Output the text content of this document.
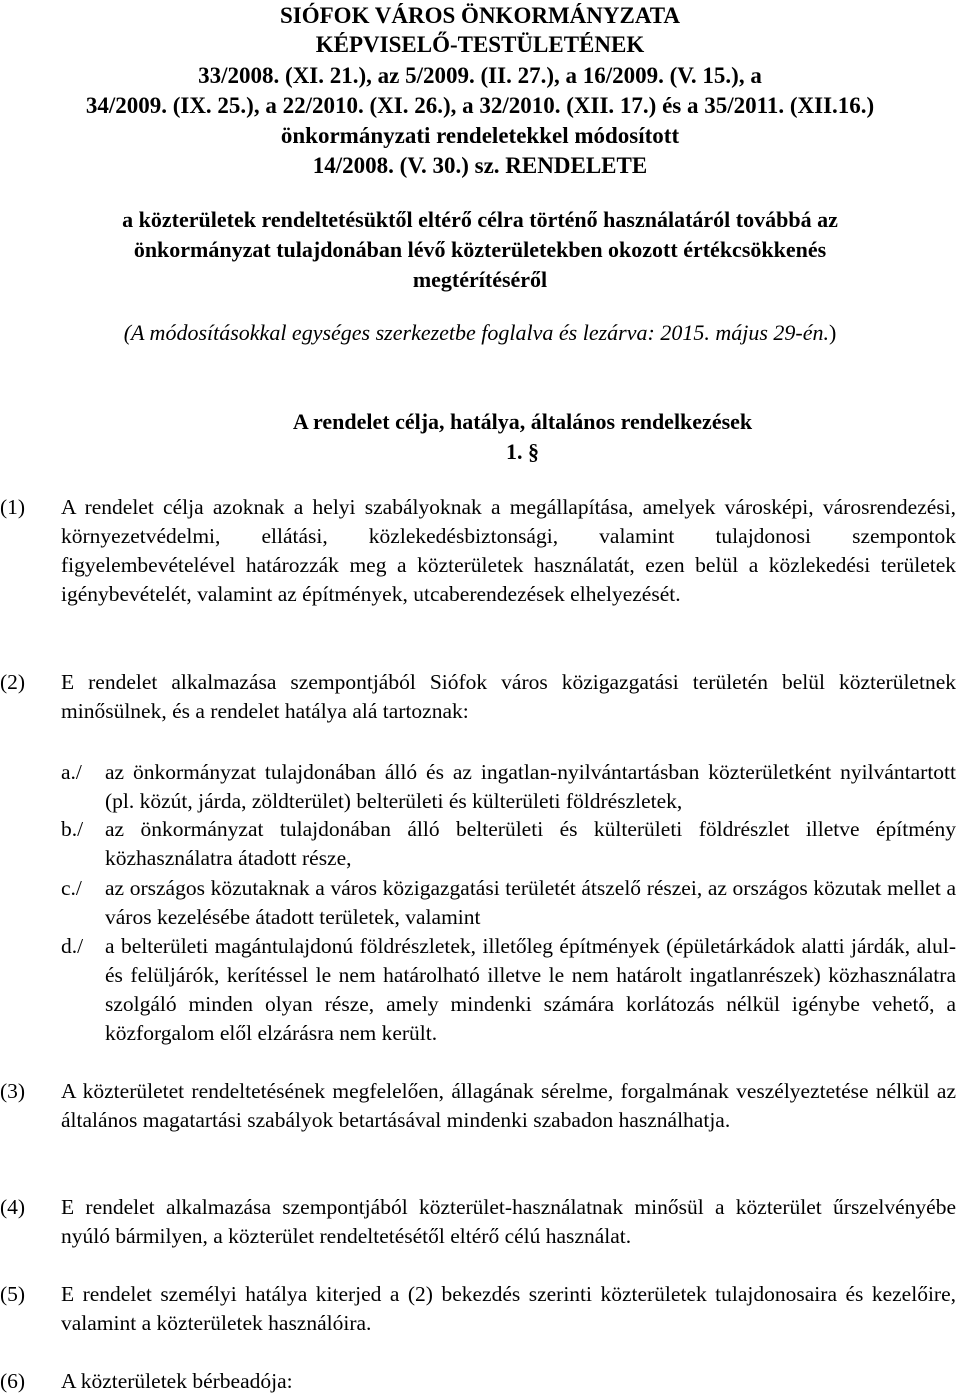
SIÓFOK VÁROS ÖNKORMÁNYZATA
KÉPVISELŐ-TESTÜLETÉNEK
33/2008. (XI. 21.), az 5/2009. (II. 27.), a 16/2009. (V. 15.), a
34/2009. (IX. 25.), a 22/2010. (XI. 26.), a 32/2010. (XII. 17.) és a 35/2011. (XII.16.)
önkormányzati rendeletekkel módosított
14/2008. (V. 30.) sz. RENDELETE
a közterületek rendeltetésüktől eltérő célra történő használatáról továbbá az
önkormányzat tulajdonában lévő közterületekben okozott értékcsökkenés
megtérítéséről
(A módosításokkal egységes szerkezetbe foglalva és lezárva: 2015. május 29-én.)
A rendelet célja, hatálya, általános rendelkezések
1. §
(1) A rendelet célja azoknak a helyi szabályoknak a megállapítása, amelyek városképi, városrendezési, környezetvédelmi, ellátási, közlekedésbiztonsági, valamint tulajdonosi szempontok figyelembevételével határozzák meg a közterületek használatát, ezen belül a közlekedési területek igénybevételét, valamint az építmények, utcaberendezések elhelyezését.
(2) E rendelet alkalmazása szempontjából Siófok város közigazgatási területén belül közterületnek minősülnek, és a rendelet hatálya alá tartoznak:
a./ az önkormányzat tulajdonában álló és az ingatlan-nyilvántartásban közterületként nyilvántartott (pl. közút, járda, zöldterület) belterületi és külterületi földrészletek,
b./ az önkormányzat tulajdonában álló belterületi és külterületi földrészlet illetve építmény közhasználatra átadott része,
c./ az országos közutaknak a város közigazgatási területét átszelő részei, az országos közutak mellet a város kezelésébe átadott területek, valamint
d./ a belterületi magántulajdonú földrészletek, illetőleg építmények (épületárkádok alatti járdák, alul- és felüljárók, kerítéssel le nem határolható illetve le nem határolt ingatlanrészek) közhasználatra szolgáló minden olyan része, amely mindenki számára korlátozás nélkül igénybe vehető, a közforgalom elől elzárásra nem került.
(3) A közterületet rendeltetésének megfelelően, állagának sérelme, forgalmának veszélyeztetése nélkül az általános magatartási szabályok betartásával mindenki szabadon használhatja.
(4) E rendelet alkalmazása szempontjából közterület-használatnak minősül a közterület űrszelvényébe nyúló bármilyen, a közterület rendeltetésétől eltérő célú használat.
(5) E rendelet személyi hatálya kiterjed a (2) bekezdés szerinti közterületek tulajdonosaira és kezelőire, valamint a közterületek használóira.
(6) A közterületek bérbeadója:
